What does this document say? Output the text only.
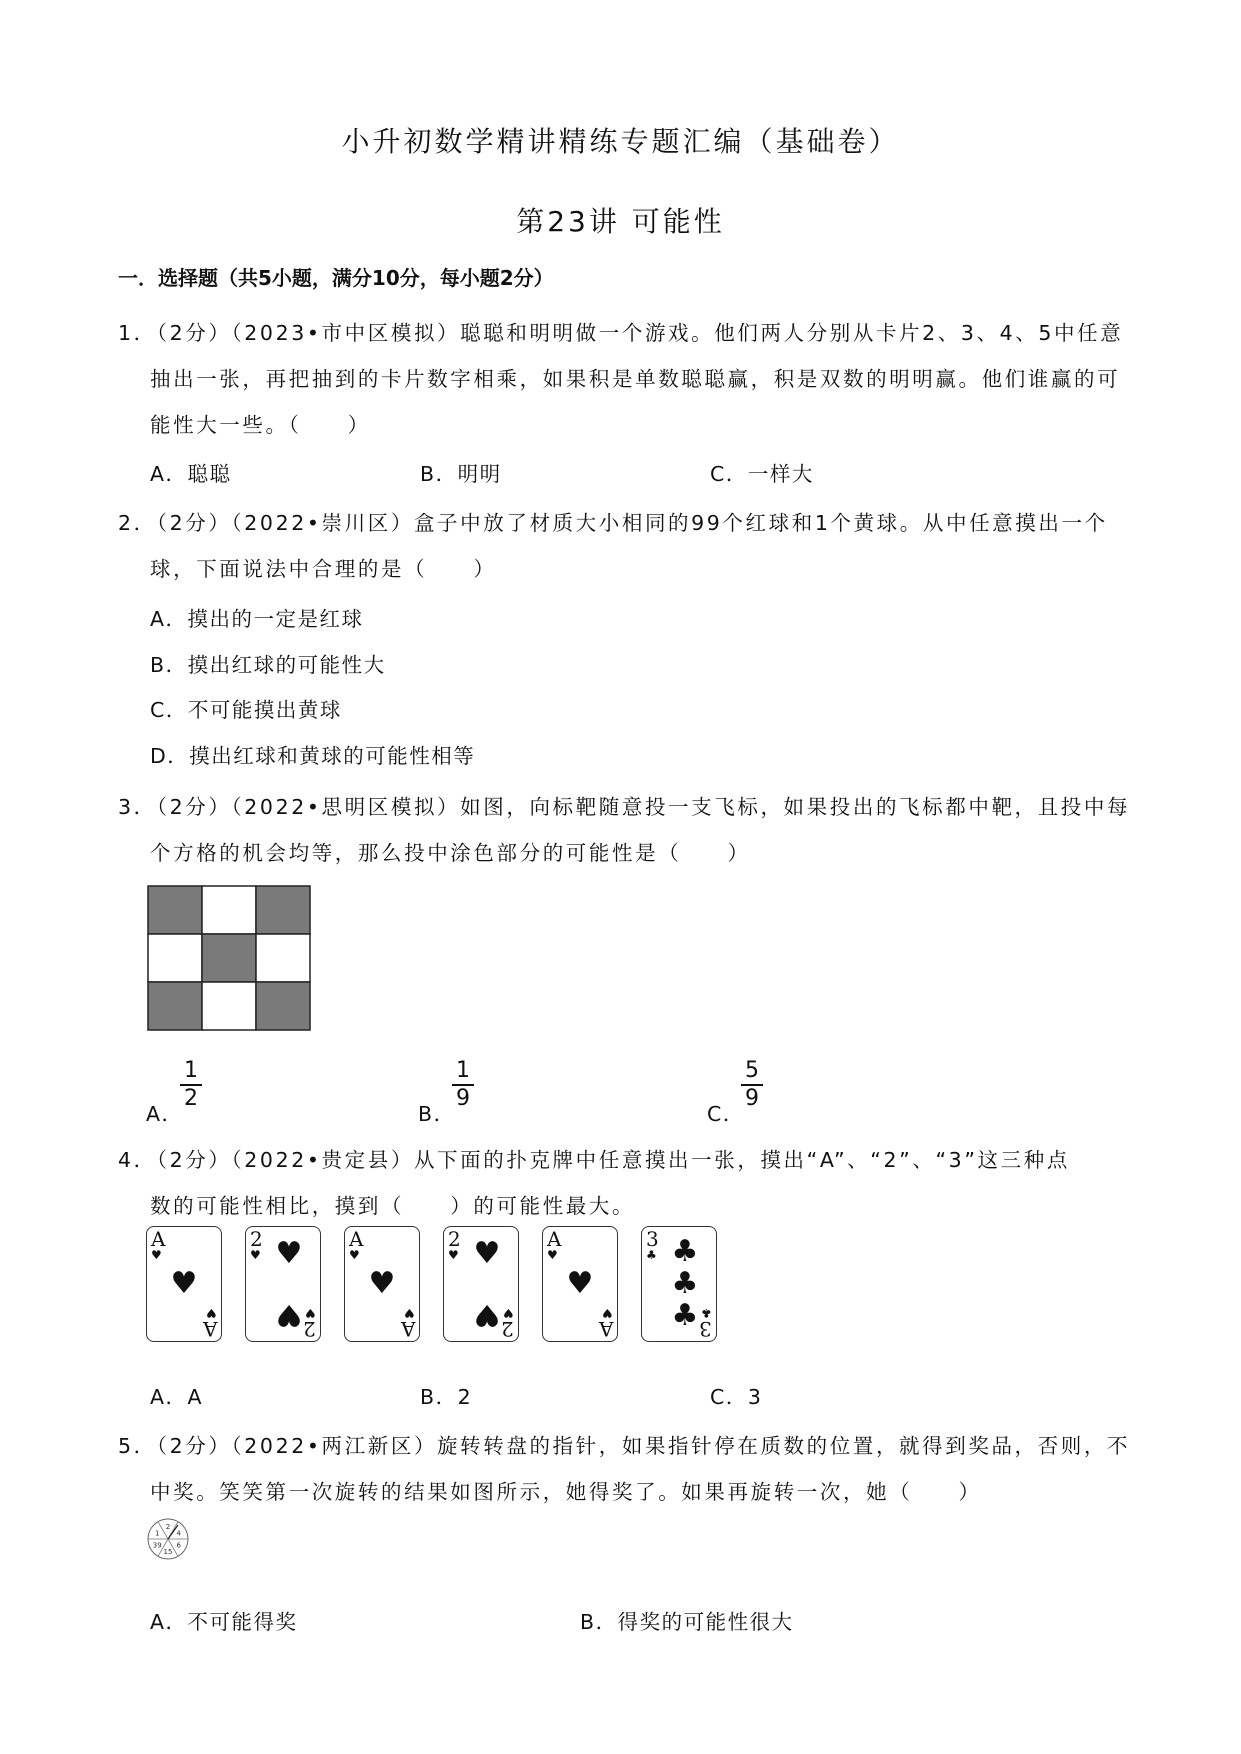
小升初数学精讲精练专题汇编（基础卷）
第23讲 可能性
一．选择题（共5小题，满分10分，每小题2分）
1．（2分）（2023•市中区模拟）聪聪和明明做一个游戏。他们两人分别从卡片2、3、4、5中任意
抽出一张，再把抽到的卡片数字相乘，如果积是单数聪聪赢，积是双数的明明赢。他们谁赢的可
能性大一些。（　　）
A．聪聪	B．明明	C．一样大
2．（2分）（2022•崇川区）盒子中放了材质大小相同的99个红球和1个黄球。从中任意摸出一个
球，下面说法中合理的是（　　）
A．摸出的一定是红球
B．摸出红球的可能性大
C．不可能摸出黄球
D．摸出红球和黄球的可能性相等
3．（2分）（2022•思明区模拟）如图，向标靶随意投一支飞标，如果投出的飞标都中靶，且投中每
个方格的机会均等，那么投中涂色部分的可能性是（　　）
A．
1
2
B．
1
9
C．
5
9
4．（2分）（2022•贵定县）从下面的扑克牌中任意摸出一张，摸出“A”、“2”、“3”这三种点
数的可能性相比，摸到（　　）的可能性最大。
A
♥
A
♥
♥
2
♥
2
♥
♥
♥
A
♥
A
♥
♥
2
♥
2
♥
♥
♥
A
♥
A
♥
♥
3
♣
3
♣
♣
♣
♣
A．A	B．2	C．3
5．（2分）（2022•两江新区）旋转转盘的指针，如果指针停在质数的位置，就得到奖品，否则，不
中奖。笑笑第一次旋转的结果如图所示，她得奖了。如果再旋转一次，她（　　）
2
4
6
15
39
1
A．不可能得奖	B．得奖的可能性很大
